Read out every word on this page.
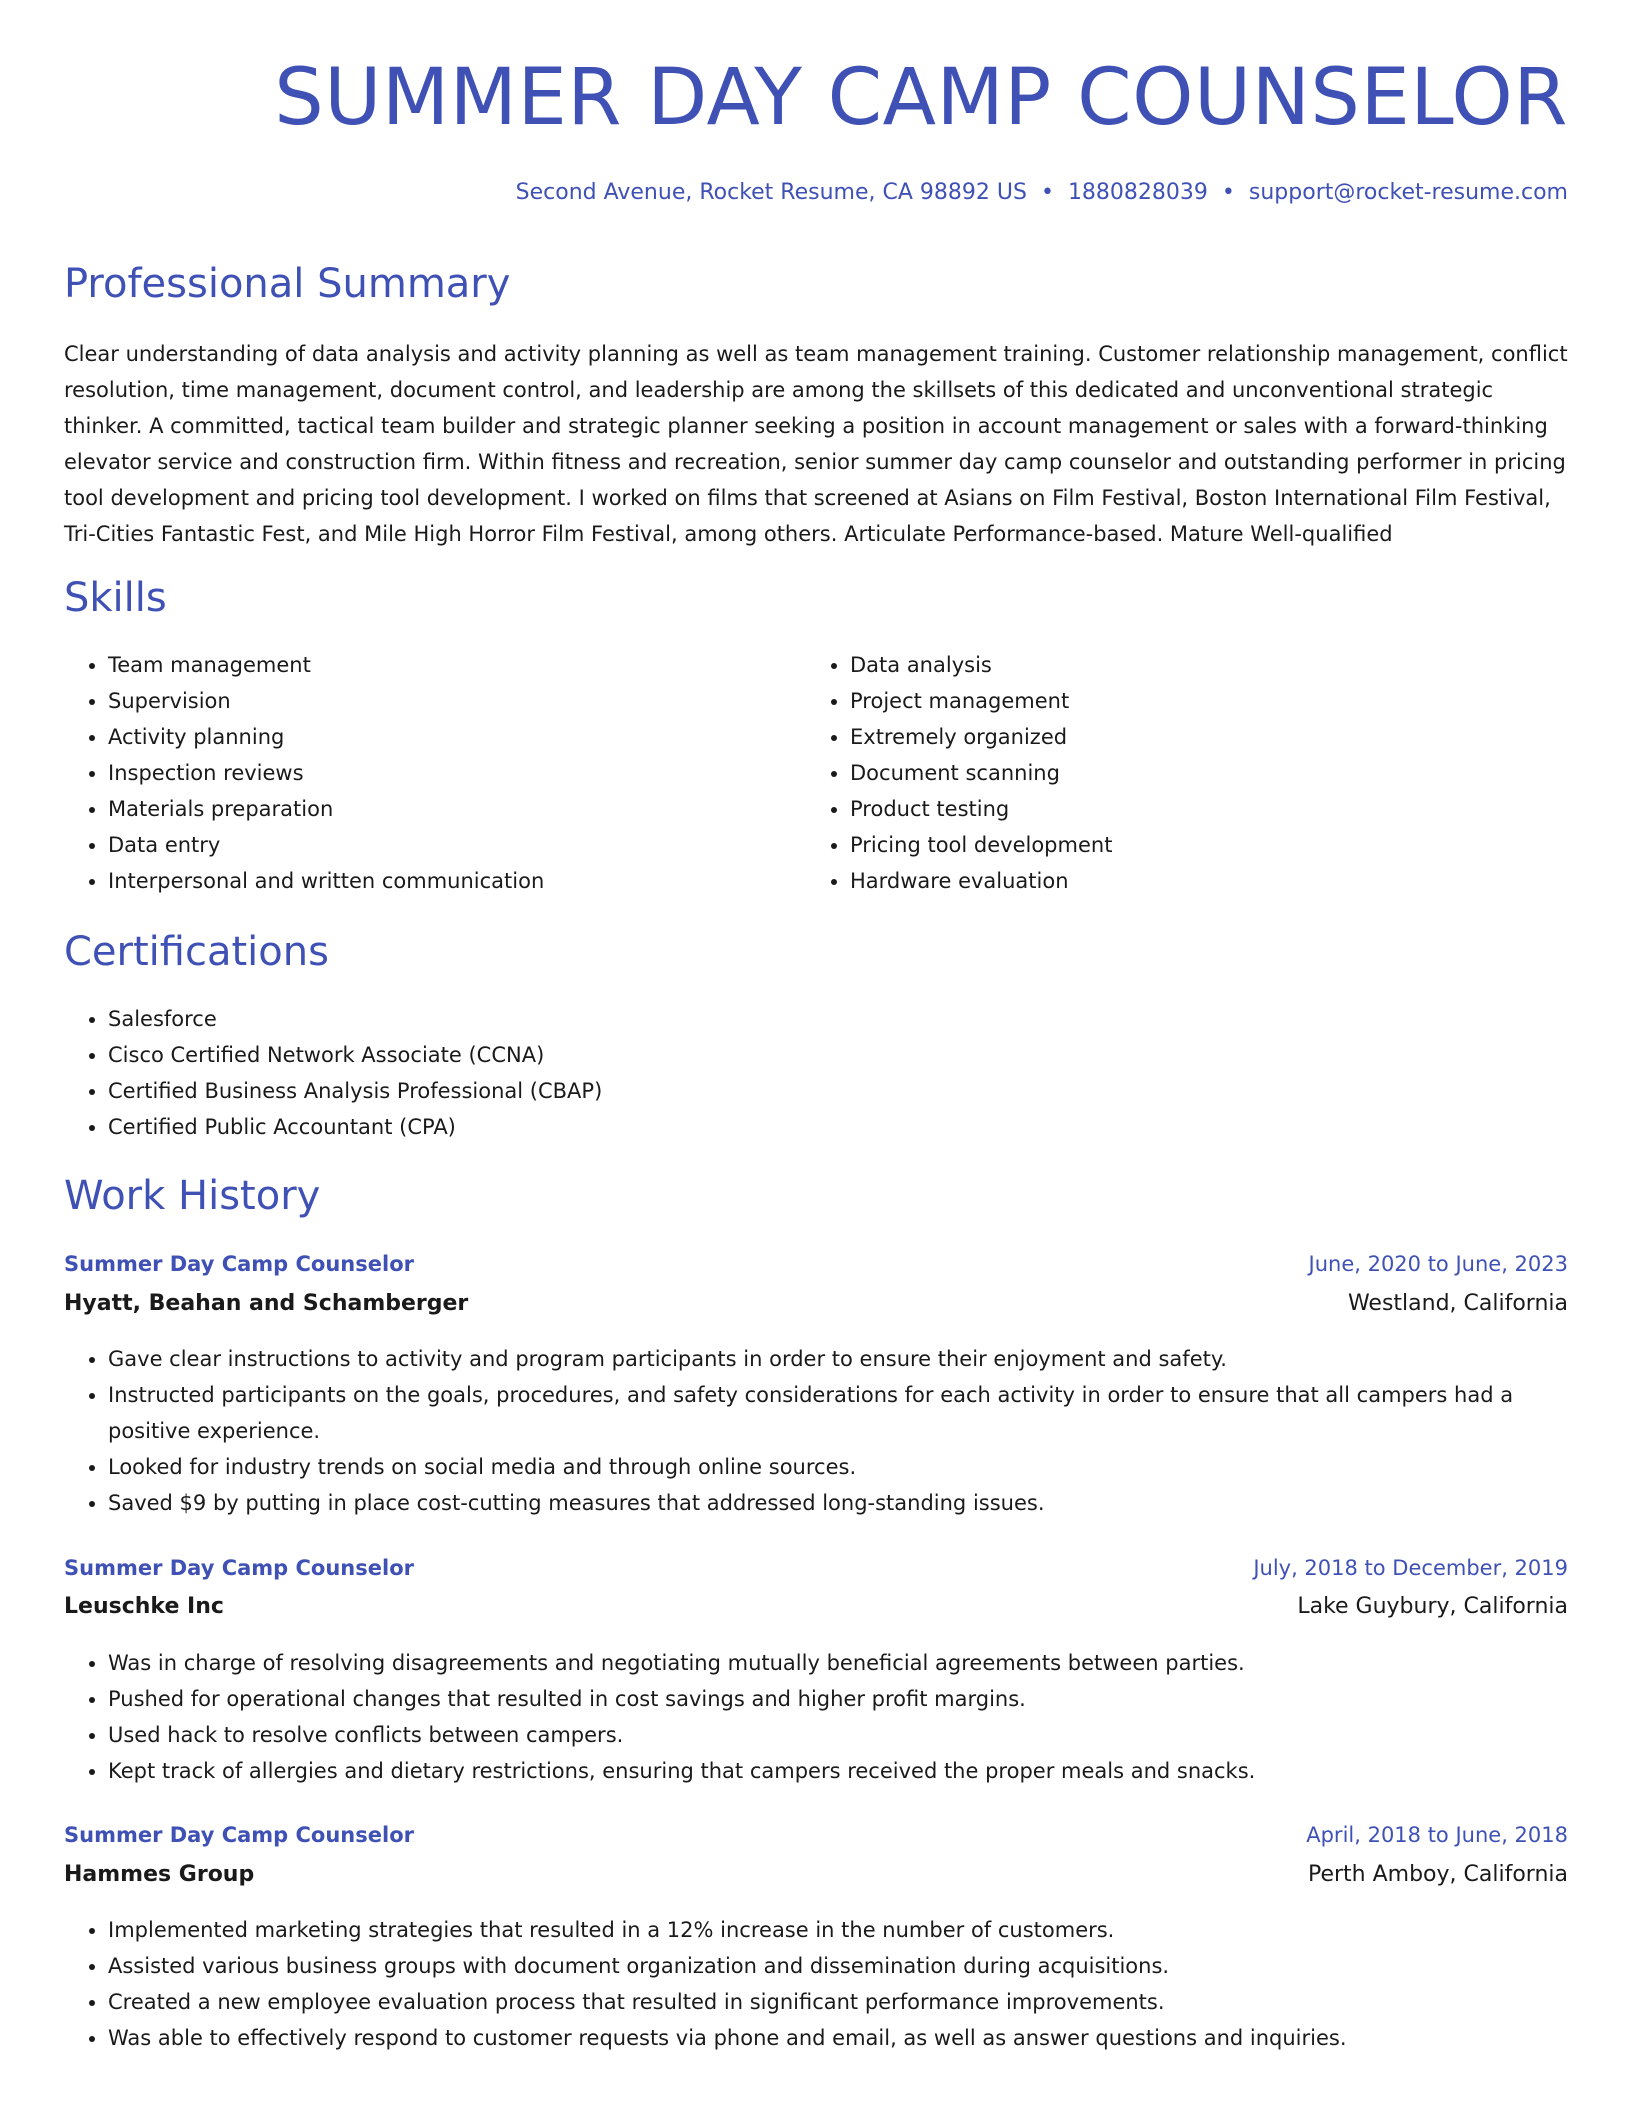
SUMMER DAY CAMP COUNSELOR
Second Avenue, Rocket Resume, CA 98892 US • 1880828039 • support@rocket-resume.com
Professional Summary

Clear understanding of data analysis and activity planning as well as team management training. Customer relationship management, conflict resolution, time management, document control, and leadership are among the skillsets of this dedicated and unconventional strategic thinker. A committed, tactical team builder and strategic planner seeking a position in account management or sales with a forward-thinking elevator service and construction firm. Within fitness and recreation, senior summer day camp counselor and outstanding performer in pricing tool development and pricing tool development. I worked on films that screened at Asians on Film Festival, Boston International Film Festival, Tri-Cities Fantastic Fest, and Mile High Horror Film Festival, among others. Articulate Performance-based. Mature Well-qualified

Skills
• Team management
• Supervision
• Activity planning
• Inspection reviews
• Materials preparation
• Data entry
• Interpersonal and written communication
• Data analysis
• Project management
• Extremely organized
• Document scanning
• Product testing
• Pricing tool development
• Hardware evaluation
Certifications
• Salesforce
• Cisco Certified Network Associate (CCNA)
• Certified Business Analysis Professional (CBAP)
• Certified Public Accountant (CPA)
Work History
Summer Day Camp Counselor	June, 2020 to June, 2023
Hyatt, Beahan and Schamberger	Westland, California
• Gave clear instructions to activity and program participants in order to ensure their enjoyment and safety.
• Instructed participants on the goals, procedures, and safety considerations for each activity in order to ensure that all campers had a positive experience.
• Looked for industry trends on social media and through online sources.
• Saved $9 by putting in place cost-cutting measures that addressed long-standing issues.
Summer Day Camp Counselor	July, 2018 to December, 2019
Leuschke Inc	Lake Guybury, California
• Was in charge of resolving disagreements and negotiating mutually beneficial agreements between parties.
• Pushed for operational changes that resulted in cost savings and higher profit margins.
• Used hack to resolve conflicts between campers.
• Kept track of allergies and dietary restrictions, ensuring that campers received the proper meals and snacks.
Summer Day Camp Counselor	April, 2018 to June, 2018
Hammes Group	Perth Amboy, California
• Implemented marketing strategies that resulted in a 12% increase in the number of customers.
• Assisted various business groups with document organization and dissemination during acquisitions.
• Created a new employee evaluation process that resulted in significant performance improvements.
• Was able to effectively respond to customer requests via phone and email, as well as answer questions and inquiries.
